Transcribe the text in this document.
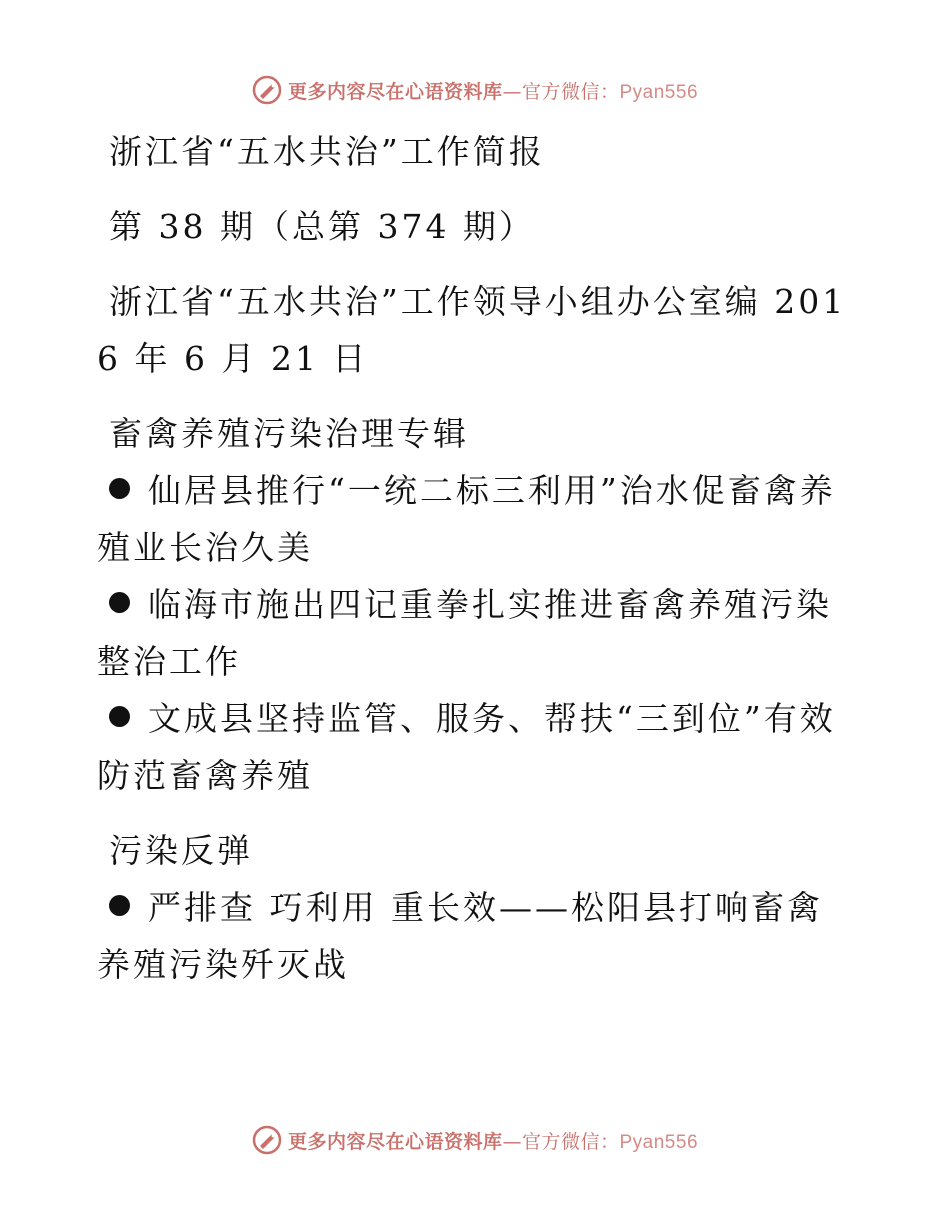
更多内容尽在心语资料库—官方微信：Pyan556

浙江省“五水共治”工作简报

第 38 期（总第 374 期）

浙江省“五水共治”工作领导小组办公室编 2016 年 6 月 21 日

畜禽养殖污染治理专辑

仙居县推行“一统二标三利用”治水促畜禽养殖业长治久美
临海市施出四记重拳扎实推进畜禽养殖污染整治工作
文成县坚持监管、服务、帮扶“三到位”有效防范畜禽养殖

污染反弹

严排查 巧利用 重长效——松阳县打响畜禽养殖污染歼灭战
更多内容尽在心语资料库—官方微信：Pyan556
